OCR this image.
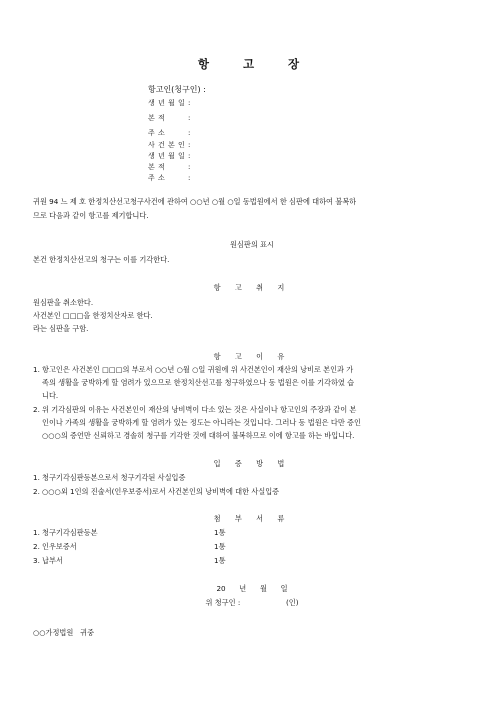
항 고 장
항고인(청구인) :
생 년 월 일 :
본 적	:
주 소	:
사 건 본 인 :
생 년 월 일 :
본 적	:
주 소	:
귀원 94 느 제 호 한정치산선고청구사건에 관하여 ○○년 ○월 ○일 동법원에서 한 심판에 대하여 불복하
므로 다음과 같이 항고를 제기합니다.
원심판의 표시
본건 한정치산선고의 청구는 이를 기각한다.
항 고 취 지
원심판을 취소한다.
사건본인 □□□을 한정치산자로 한다.
라는 심판을 구함.
항 고 이 유
1. 항고인은 사건본인 □□□의 부로서 ○○년 ○월 ○일 귀원에 위 사건본인이 재산의 낭비로 본인과 가
족의 생활을 궁박하게 할 염려가 있으므로 한정치산선고를 청구하였으나 동 법원은 이를 기각하였 습
니다.
2. 위 기각심판의 이유는 사건본인이 재산의 낭비벽이 다소 있는 것은 사실이나 항고인의 주장과 같이 본
인이나 가족의 생활을 궁박하게 할 염려가 있는 정도는 아니라는 것입니다. 그러나 동 법원은 다만 증인
○○○의 증언만 신뢰하고 경솔히 청구를 기각한 것에 대하여 불복하므로 이에 항고를 하는 바입니다.
입 증 방 법
1. 청구기각심판등본으로서 청구기각된 사실입증
2. ○○○외 1인의 진술서(인우보증서)로서 사건본인의 낭비벽에 대한 사실입증
첨 부 서 류
1. 청구기각심판등본	1통
2. 인우보증서	1통
3. 납부서	1통
20      년      월      일
위 청구인 :                    (인)
○○가정법원   귀중
